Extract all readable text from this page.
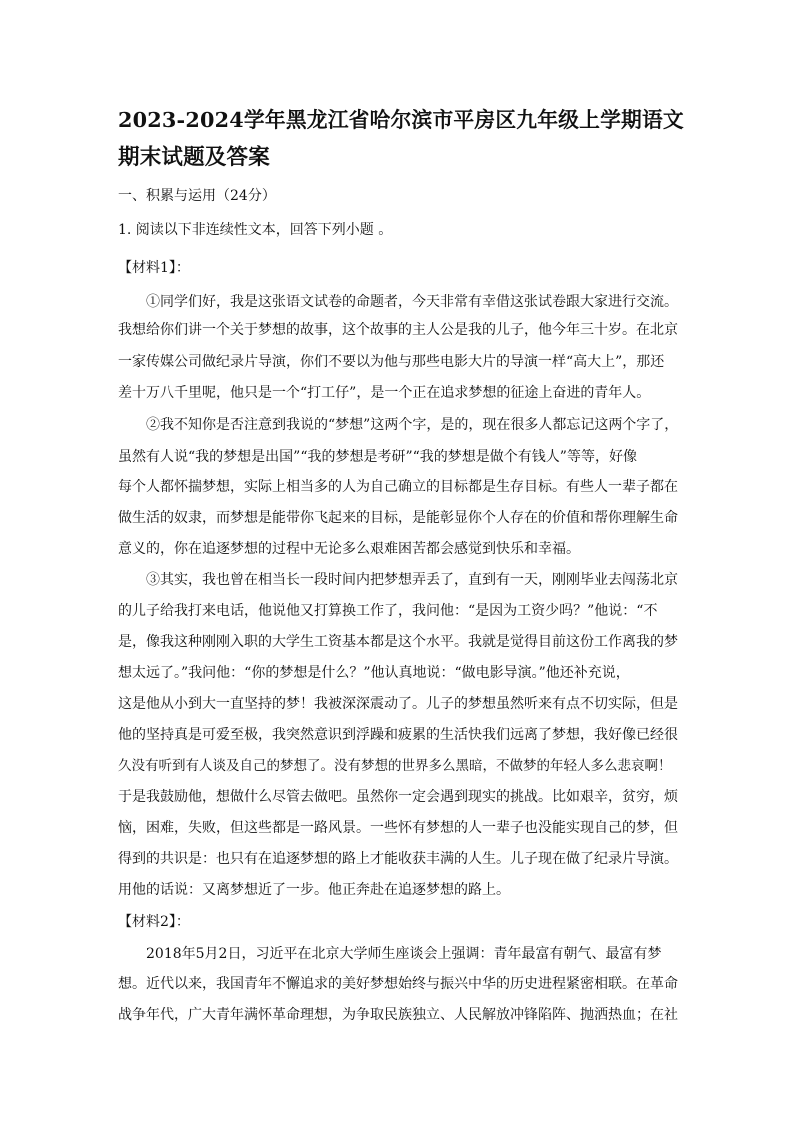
2023-2024学年黑龙江省哈尔滨市平房区九年级上学期语文
期末试题及答案
一、积累与运用（24分）
1. 阅读以下非连续性文本，回答下列小题 。
【材料1】：
①同学们好，我是这张语文试卷的命题者，今天非常有幸借这张试卷跟大家进行交流。
我想给你们讲一个关于梦想的故事，这个故事的主人公是我的儿子，他今年三十岁。在北京
一家传媒公司做纪录片导演，你们不要以为他与那些电影大片的导演一样“高大上”，那还
差十万八千里呢，他只是一个“打工仔”，是一个正在追求梦想的征途上奋进的青年人。
②我不知你是否注意到我说的“梦想”这两个字，是的，现在很多人都忘记这两个字了，
虽然有人说“我的梦想是出国”“我的梦想是考研”“我的梦想是做个有钱人”等等，好像
每个人都怀揣梦想，实际上相当多的人为自己确立的目标都是生存目标。有些人一辈子都在
做生活的奴隶，而梦想是能带你飞起来的目标，是能彰显你个人存在的价值和帮你理解生命
意义的，你在追逐梦想的过程中无论多么艰难困苦都会感觉到快乐和幸福。
③其实，我也曾在相当长一段时间内把梦想弄丢了，直到有一天，刚刚毕业去闯荡北京
的儿子给我打来电话，他说他又打算换工作了，我问他：“是因为工资少吗？”他说：“不
是，像我这种刚刚入职的大学生工资基本都是这个水平。我就是觉得目前这份工作离我的梦
想太远了。”我问他：“你的梦想是什么？”他认真地说：“做电影导演。”他还补充说，
这是他从小到大一直坚持的梦！我被深深震动了。儿子的梦想虽然听来有点不切实际，但是
他的坚持真是可爱至极，我突然意识到浮躁和疲累的生活快我们远离了梦想，我好像已经很
久没有听到有人谈及自己的梦想了。没有梦想的世界多么黑暗，不做梦的年轻人多么悲哀啊！
于是我鼓励他，想做什么尽管去做吧。虽然你一定会遇到现实的挑战。比如艰辛，贫穷，烦
恼，困难，失败，但这些都是一路风景。一些怀有梦想的人一辈子也没能实现自己的梦，但
得到的共识是：也只有在追逐梦想的路上才能收获丰满的人生。儿子现在做了纪录片导演。
用他的话说：又离梦想近了一步。他正奔赴在追逐梦想的路上。
【材料2】：
2018年5月2日，习近平在北京大学师生座谈会上强调：青年最富有朝气、最富有梦
想。近代以来，我国青年不懈追求的美好梦想始终与振兴中华的历史进程紧密相联。在革命
战争年代，广大青年满怀革命理想，为争取民族独立、人民解放冲锋陷阵、抛洒热血；在社
